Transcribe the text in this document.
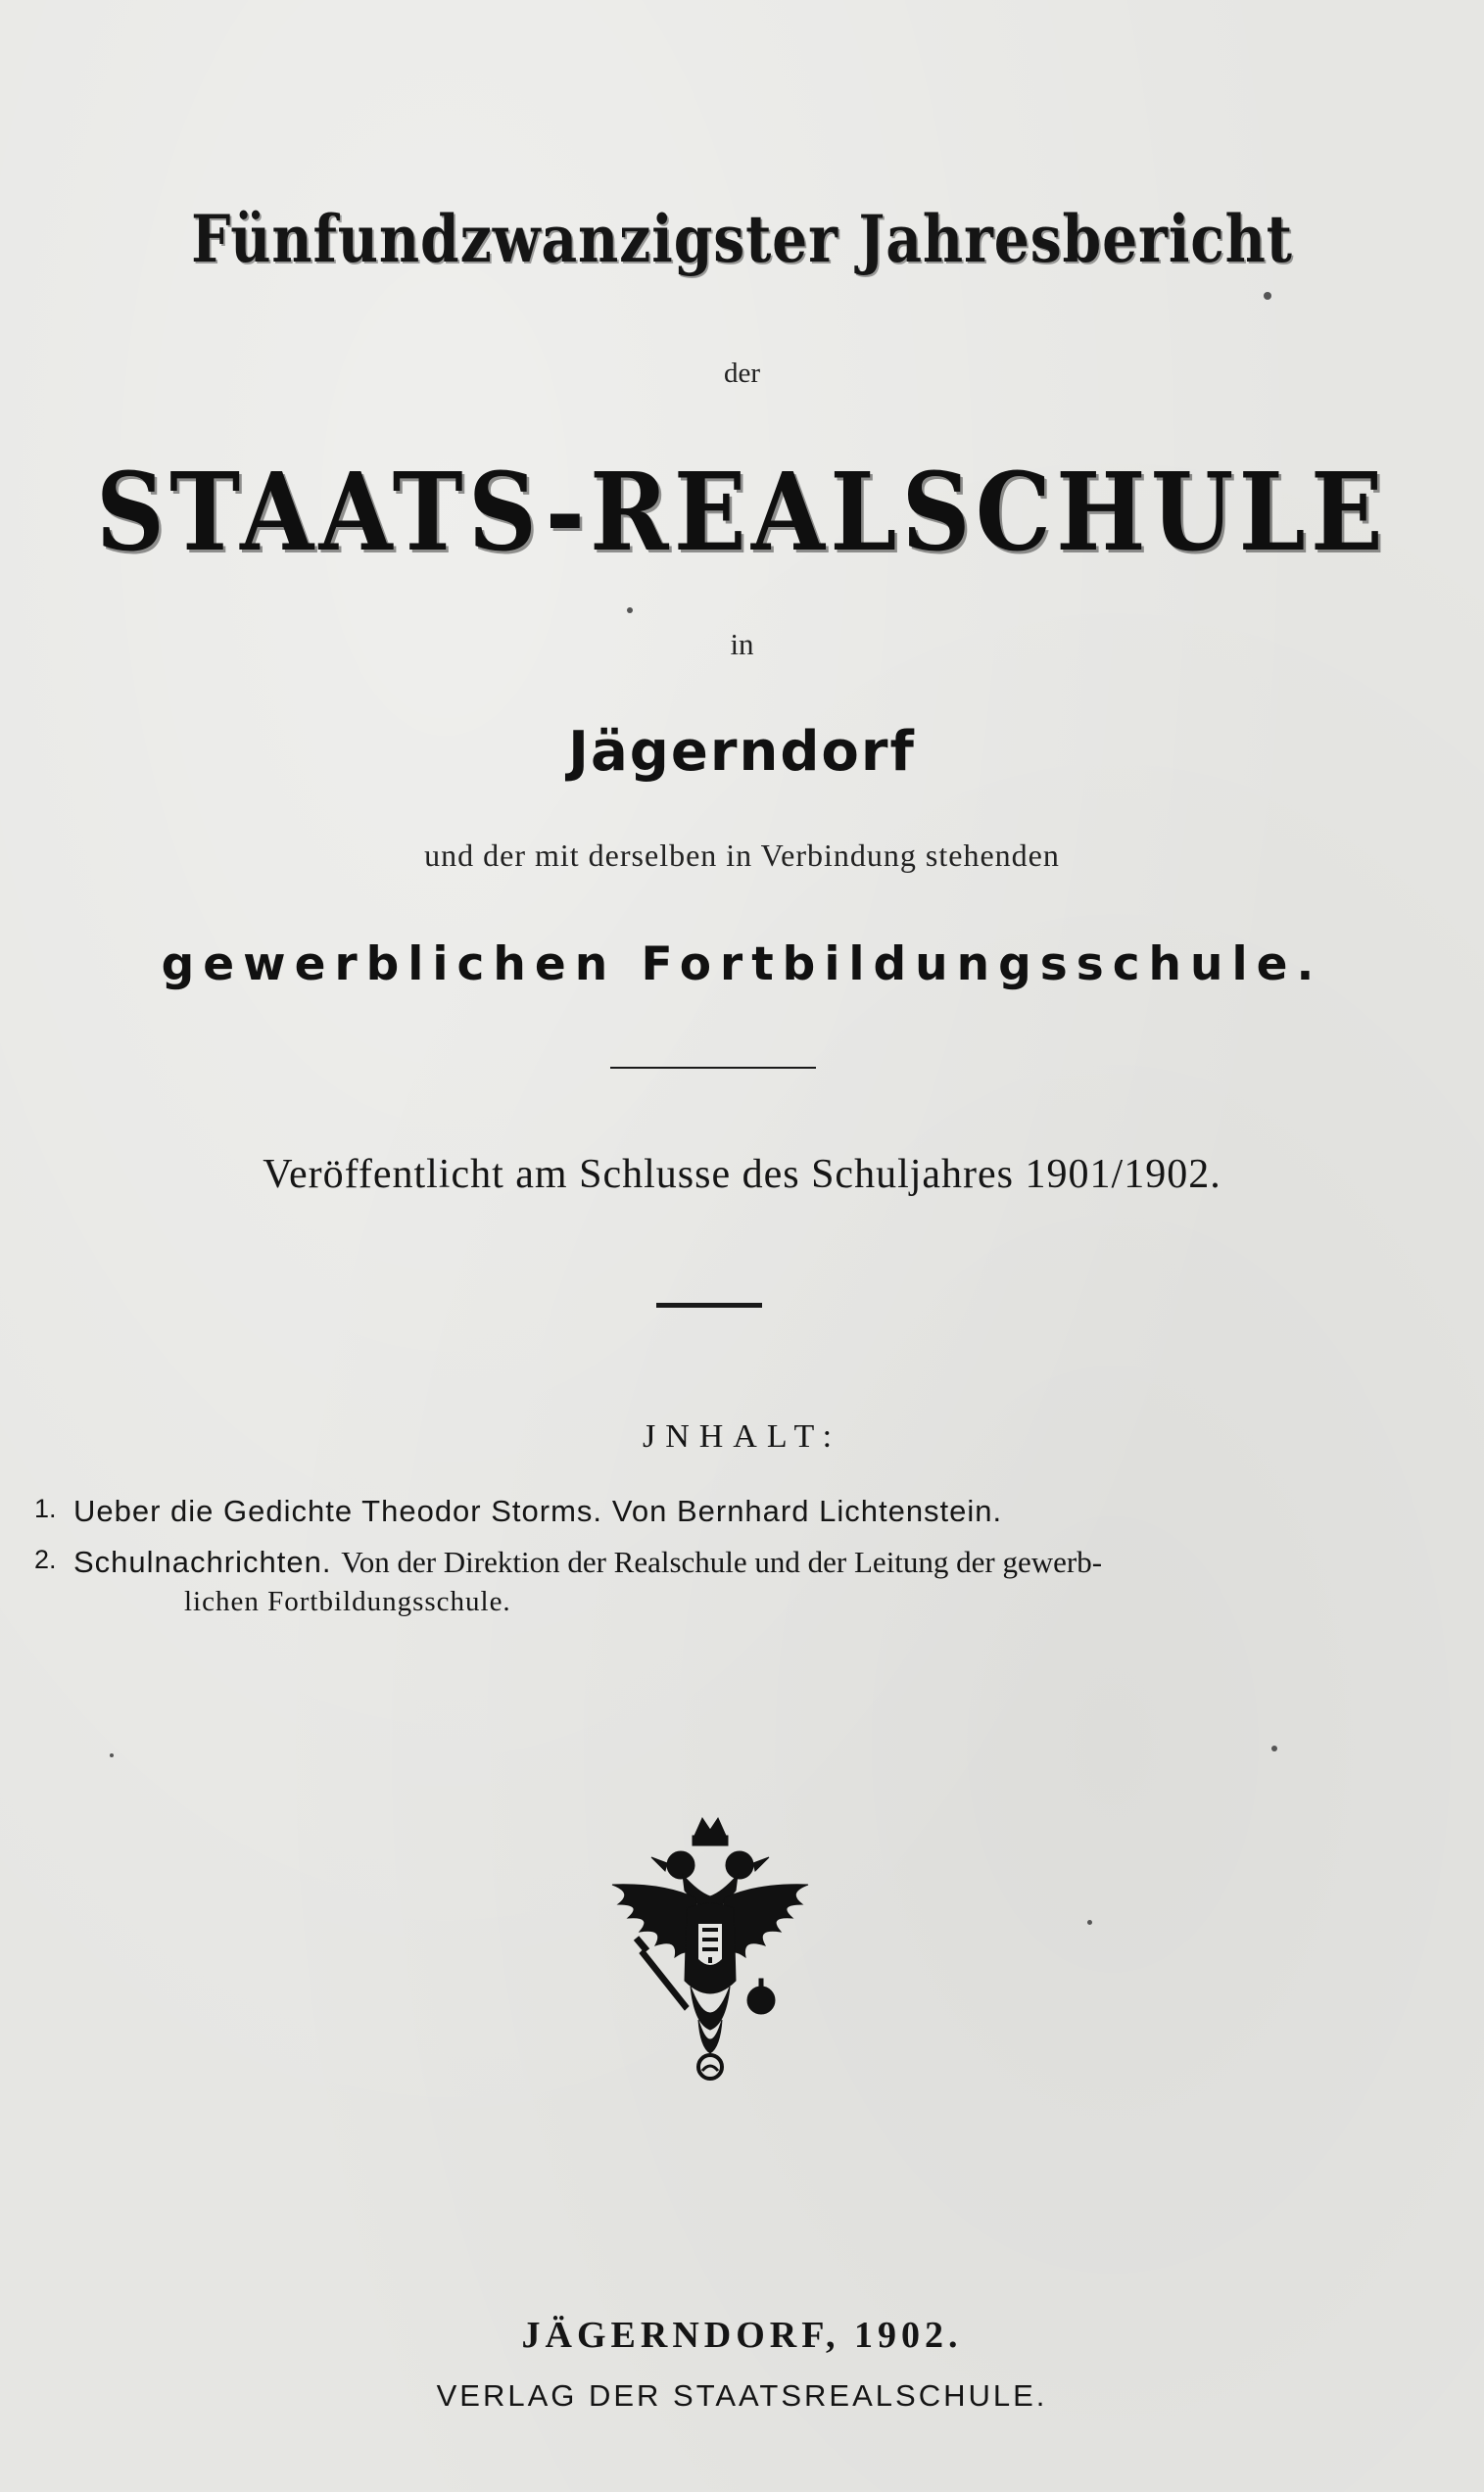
Fünfundzwanzigster Jahresbericht
der
STAATS-REALSCHULE
in
Jägerndorf
und der mit derselben in Verbindung stehenden
gewerblichen Fortbildungsschule.
Veröffentlicht am Schlusse des Schuljahres 1901/1902.
JNHALT:
1. Ueber die Gedichte Theodor Storms. Von Bernhard Lichtenstein.
2. Schulnachrichten. Von der Direktion der Realschule und der Leitung der gewerb-
lichen Fortbildungsschule.
JÄGERNDORF, 1902.
VERLAG DER STAATSREALSCHULE.
